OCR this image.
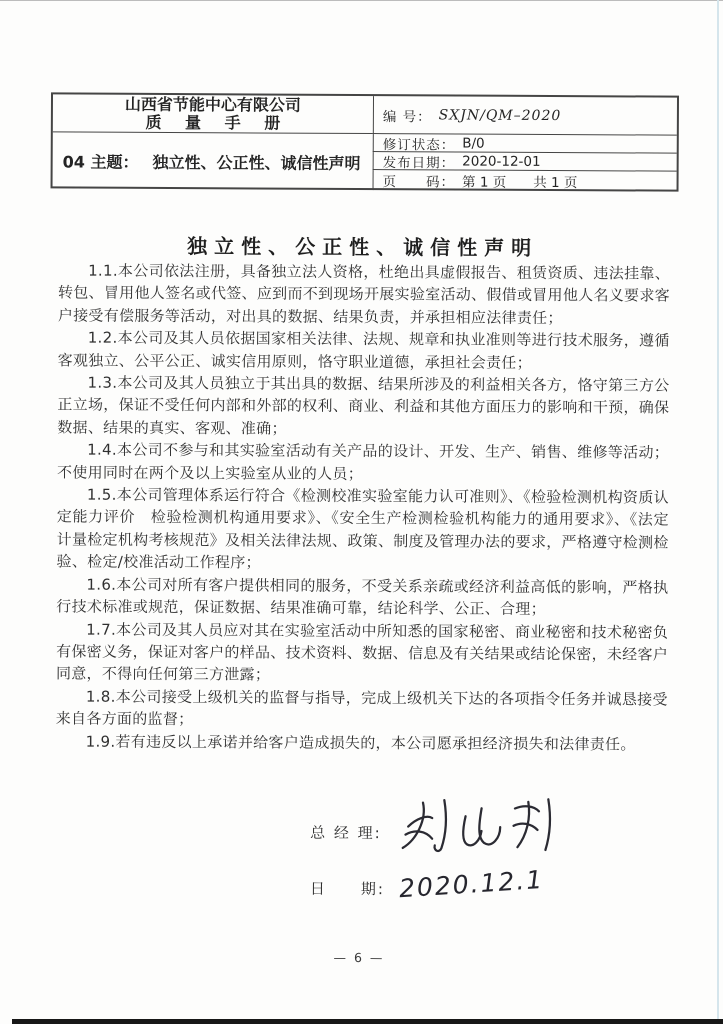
山西省节能中心有限公司
质 量 手 册
04 主题： 独立性、公正性、诚信性声明
编 号： SXJN/QM–2020
修订状态： B/0
发布日期： 2020-12-01
页　　码： 第 1 页　　共 1 页
独立性、公正性、诚信性声明

1.1.本公司依法注册，具备独立法人资格，杜绝出具虚假报告、租赁资质、违法挂靠、转包、冒用他人签名或代签、应到而不到现场开展实验室活动、假借或冒用他人名义要求客户接受有偿服务等活动，对出具的数据、结果负责，并承担相应法律责任；

1.2.本公司及其人员依据国家相关法律、法规、规章和执业准则等进行技术服务，遵循客观独立、公平公正、诚实信用原则，恪守职业道德，承担社会责任；

1.3.本公司及其人员独立于其出具的数据、结果所涉及的利益相关各方，恪守第三方公正立场，保证不受任何内部和外部的权利、商业、利益和其他方面压力的影响和干预，确保数据、结果的真实、客观、准确；

1.4.本公司不参与和其实验室活动有关产品的设计、开发、生产、销售、维修等活动；不使用同时在两个及以上实验室从业的人员；

1.5.本公司管理体系运行符合《检测校准实验室能力认可准则》、《检验检测机构资质认定能力评价　检验检测机构通用要求》、《安全生产检测检验机构能力的通用要求》、《法定计量检定机构考核规范》及相关法律法规、政策、制度及管理办法的要求，严格遵守检测检验、检定/校准活动工作程序；

1.6.本公司对所有客户提供相同的服务，不受关系亲疏或经济利益高低的影响，严格执行技术标准或规范，保证数据、结果准确可靠，结论科学、公正、合理；

1.7.本公司及其人员应对其在实验室活动中所知悉的国家秘密、商业秘密和技术秘密负有保密义务，保证对客户的样品、技术资料、数据、信息及有关结果或结论保密，未经客户同意，不得向任何第三方泄露；

1.8.本公司接受上级机关的监督与指导，完成上级机关下达的各项指令任务并诚恳接受来自各方面的监督；

1.9.若有违反以上承诺并给客户造成损失的，本公司愿承担经济损失和法律责任。

总 经 理:
日　　期: 2020.12.1
— 6 —
